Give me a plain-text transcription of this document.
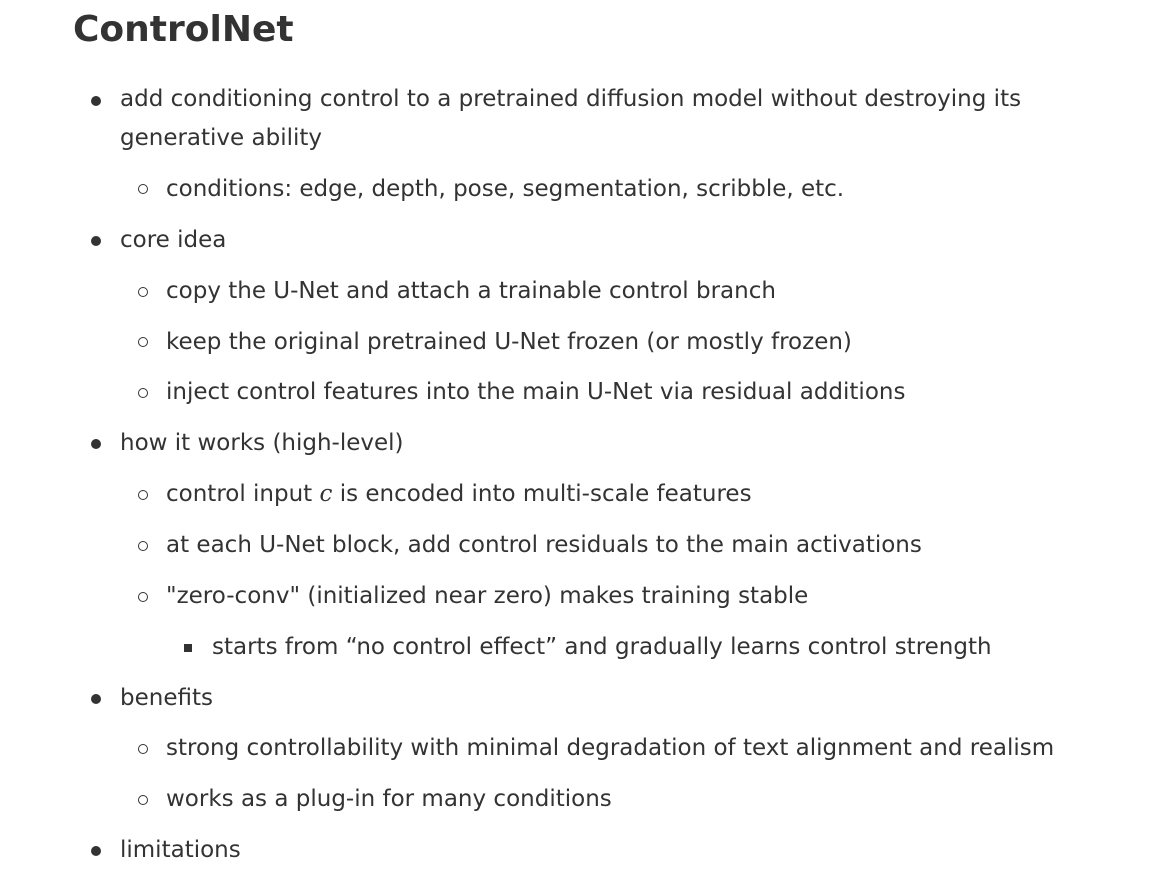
ControlNet
add conditioning control to a pretrained diffusion model without destroying its generative ability
conditions: edge, depth, pose, segmentation, scribble, etc.
core idea
copy the U-Net and attach a trainable control branch
keep the original pretrained U-Net frozen (or mostly frozen)
inject control features into the main U-Net via residual additions
how it works (high-level)
control input c is encoded into multi-scale features
at each U-Net block, add control residuals to the main activations
"zero-conv" (initialized near zero) makes training stable
starts from “no control effect” and gradually learns control strength
benefits
strong controllability with minimal degradation of text alignment and realism
works as a plug-in for many conditions
limitations
